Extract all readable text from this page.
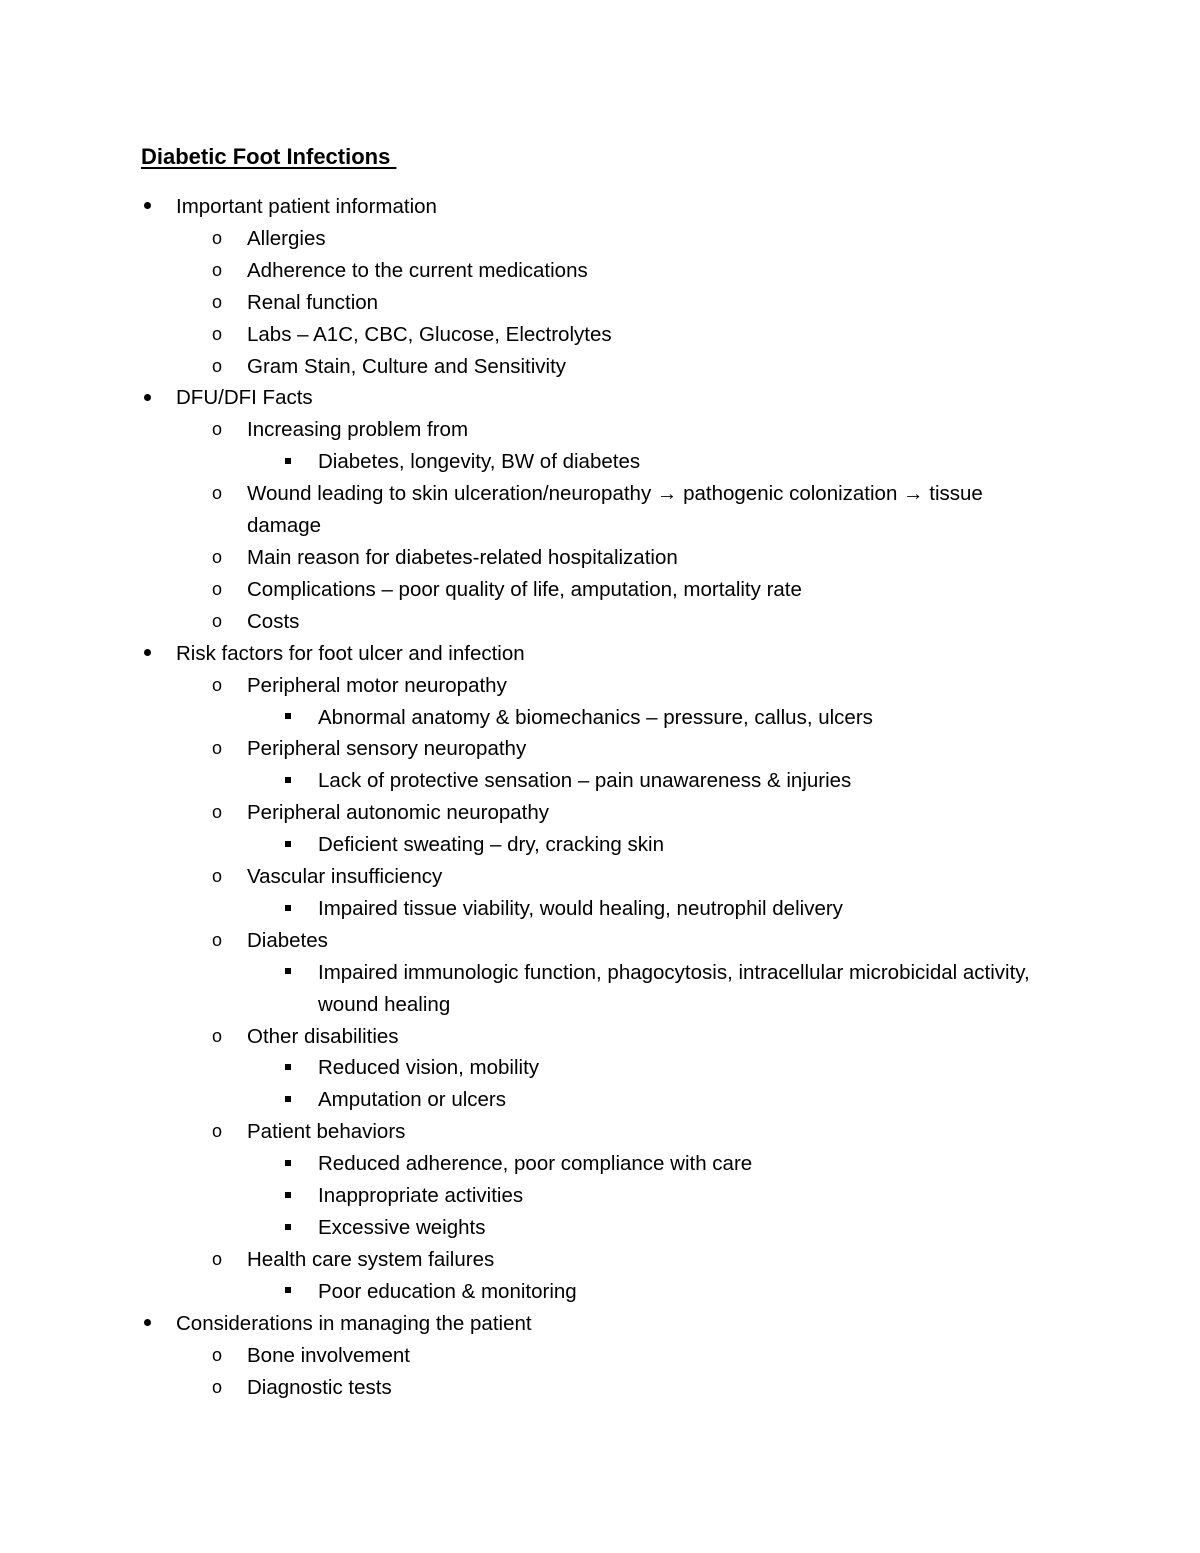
Diabetic Foot Infections
Important patient information
o Allergies
o Adherence to the current medications
o Renal function
o Labs – A1C, CBC, Glucose, Electrolytes
o Gram Stain, Culture and Sensitivity
DFU/DFI Facts
o Increasing problem from
Diabetes, longevity, BW of diabetes
o Wound leading to skin ulceration/neuropathy → pathogenic colonization → tissue damage
o Main reason for diabetes-related hospitalization
o Complications – poor quality of life, amputation, mortality rate
o Costs
Risk factors for foot ulcer and infection
o Peripheral motor neuropathy
Abnormal anatomy & biomechanics – pressure, callus, ulcers
o Peripheral sensory neuropathy
Lack of protective sensation – pain unawareness & injuries
o Peripheral autonomic neuropathy
Deficient sweating – dry, cracking skin
o Vascular insufficiency
Impaired tissue viability, would healing, neutrophil delivery
o Diabetes
Impaired immunologic function, phagocytosis, intracellular microbicidal activity, wound healing
o Other disabilities
Reduced vision, mobility
Amputation or ulcers
o Patient behaviors
Reduced adherence, poor compliance with care
Inappropriate activities
Excessive weights
o Health care system failures
Poor education & monitoring
Considerations in managing the patient
o Bone involvement
o Diagnostic tests
